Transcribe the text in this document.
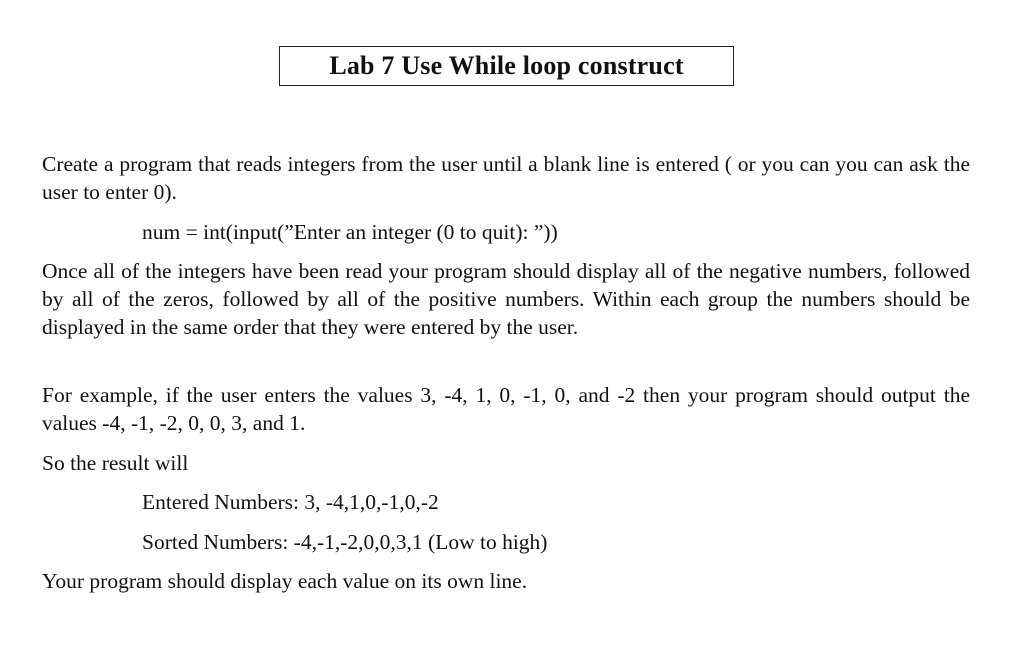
Lab 7 Use While loop construct

Create a program that reads integers from the user until a blank line is entered ( or you can you can ask the user to enter 0).

num = int(input(”Enter an integer (0 to quit): ”))

Once all of the integers have been read your program should display all of the negative numbers, followed by all of the zeros, followed by all of the positive numbers. Within each group the numbers should be displayed in the same order that they were entered by the user.

For example, if the user enters the values 3, -4, 1, 0, -1, 0, and -2 then your program should output the values -4, -1, -2, 0, 0, 3, and 1.

So the result will

Entered Numbers: 3, -4,1,0,-1,0,-2
Sorted Numbers: -4,-1,-2,0,0,3,1 (Low to high)

Your program should display each value on its own line.
